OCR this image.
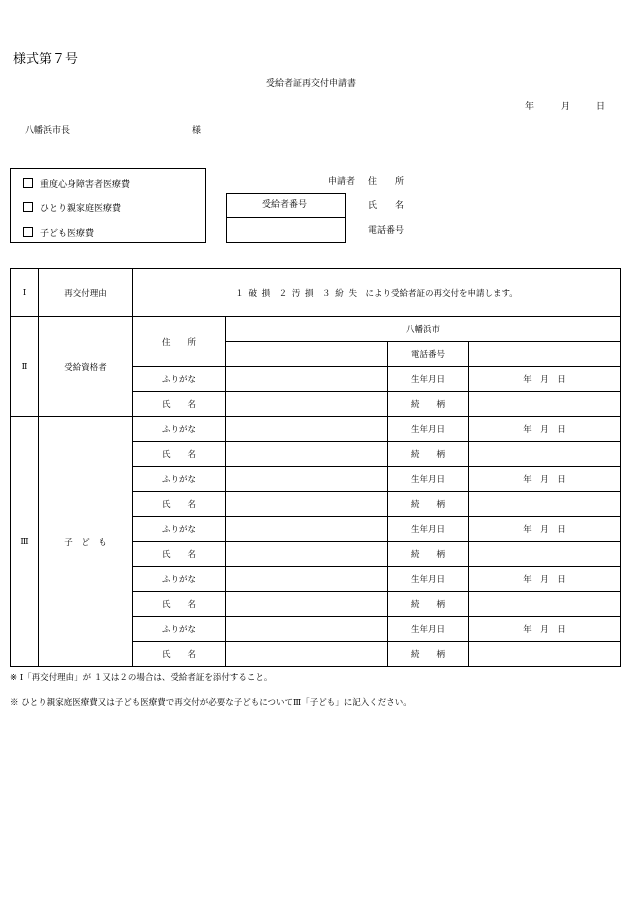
様式第７号
受給者証再交付申請書
年	月	日
八幡浜市長	様
重度心身障害者医療費
ひとり親家庭医療費
子ども医療費
受給者番号
申請者 住　　所
氏　　名
電話番号
Ⅰ	再交付理由	１ 破 損　２ 汚 損　３ 紛 失　により受給者証の再交付を申請します。			
Ⅱ	受給資格者	住　　所	八幡浜市		
				電話番号	
		ふりがな		生年月日	年　月　日
		氏　　名		続　　柄	
Ⅲ	子　ど　も	ふりがな		生年月日	年　月　日
		氏　　名		続　　柄	
		ふりがな		生年月日	年　月　日
		氏　　名		続　　柄	
		ふりがな		生年月日	年　月　日
		氏　　名		続　　柄	
		ふりがな		生年月日	年　月　日
		氏　　名		続　　柄	
		ふりがな		生年月日	年　月　日
		氏　　名		続　　柄	
※ Ⅰ「再交付理由」が １又は２の場合は、受給者証を添付すること。
※ ひとり親家庭医療費又は子ども医療費で再交付が必要な子どもについてⅢ「子ども」に記入ください。
